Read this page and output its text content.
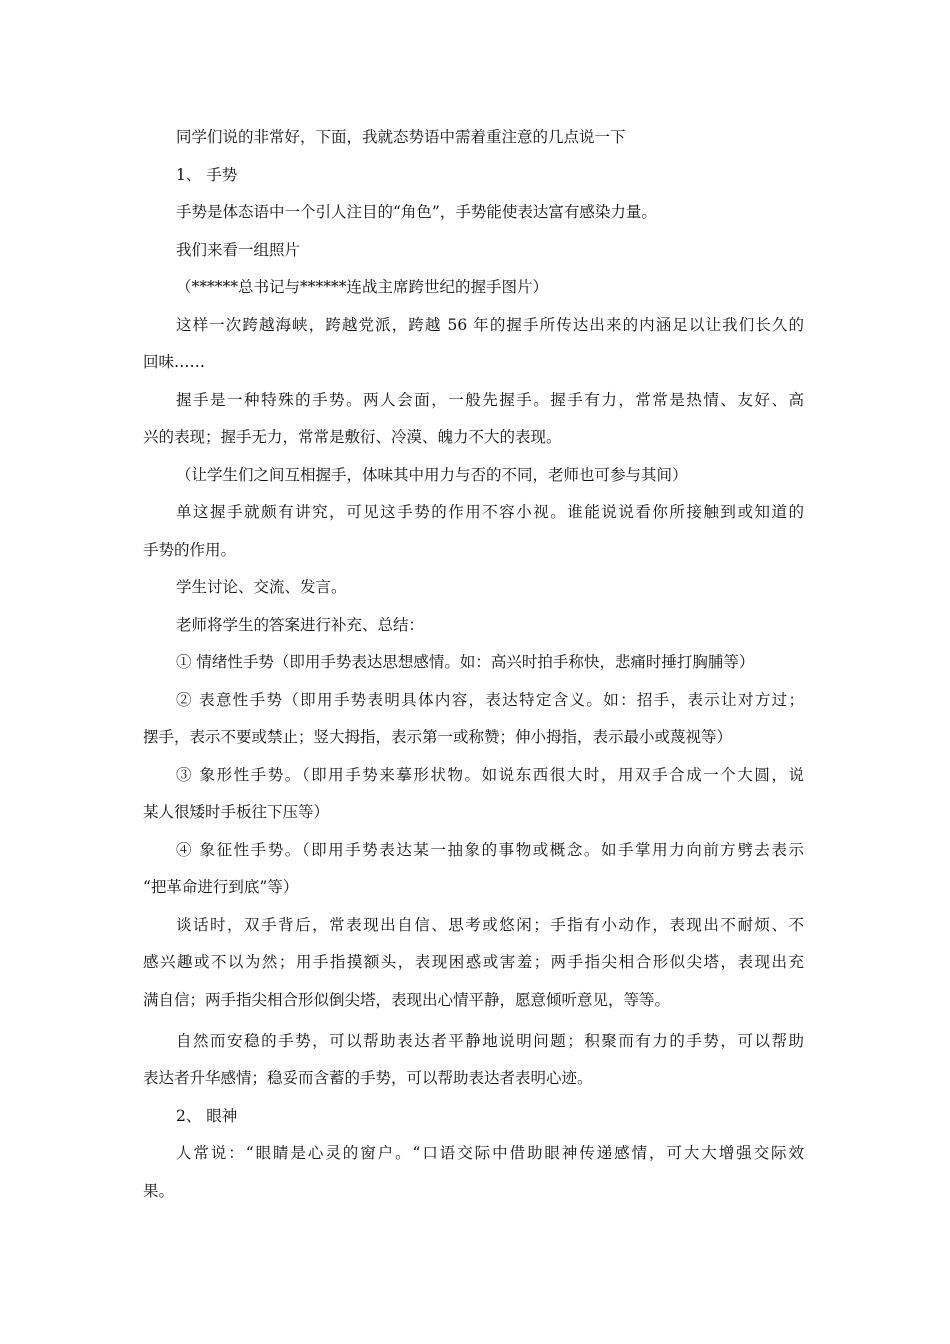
同学们说的非常好，下面，我就态势语中需着重注意的几点说一下
1、 手势
手势是体态语中一个引人注目的“角色”，手势能使表达富有感染力量。
我们来看一组照片
（******总书记与******连战主席跨世纪的握手图片）
这样一次跨越海峡，跨越党派，跨越 56 年的握手所传达出来的内涵足以让我们长久的
回味……
握手是一种特殊的手势。两人会面，一般先握手。握手有力，常常是热情、友好、高
兴的表现；握手无力，常常是敷衍、冷漠、魄力不大的表现。
（让学生们之间互相握手，体味其中用力与否的不同，老师也可参与其间）
单这握手就颇有讲究，可见这手势的作用不容小视。谁能说说看你所接触到或知道的
手势的作用。
学生讨论、交流、发言。
老师将学生的答案进行补充、总结：
① 情绪性手势（即用手势表达思想感情。如：高兴时拍手称快，悲痛时捶打胸脯等）
② 表意性手势（即用手势表明具体内容，表达特定含义。如：招手，表示让对方过；
摆手，表示不要或禁止；竖大拇指，表示第一或称赞；伸小拇指，表示最小或蔑视等）
③ 象形性手势。（即用手势来摹形状物。如说东西很大时，用双手合成一个大圆，说
某人很矮时手板往下压等）
④ 象征性手势。（即用手势表达某一抽象的事物或概念。如手掌用力向前方劈去表示
“把革命进行到底”等）
谈话时，双手背后，常表现出自信、思考或悠闲；手指有小动作，表现出不耐烦、不
感兴趣或不以为然；用手指摸额头，表现困惑或害羞；两手指尖相合形似尖塔，表现出充
满自信；两手指尖相合形似倒尖塔，表现出心情平静，愿意倾听意见，等等。
自然而安稳的手势，可以帮助表达者平静地说明问题；积聚而有力的手势，可以帮助
表达者升华感情；稳妥而含蓄的手势，可以帮助表达者表明心迹。
2、 眼神
人常说：“眼睛是心灵的窗户。“口语交际中借助眼神传递感情，可大大增强交际效
果。
